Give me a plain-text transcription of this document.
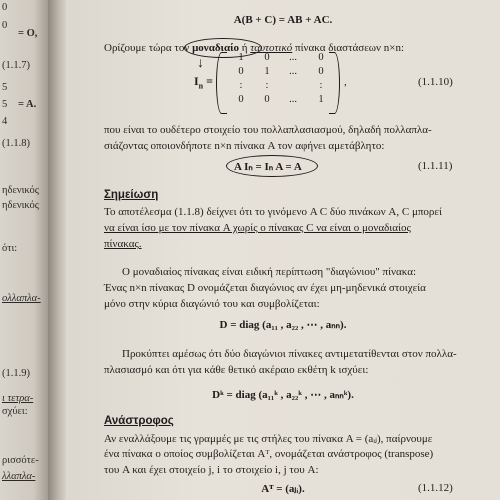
0
0
(1.1.7)
5
5
4
(1.1.8)
ηδενικός
ηδενικός
ότι:
ολλαπλα-
(1.1.9)
ι τετρα-
σχύει:
ρισσότε-
λλαπλα-
= O,
= A.
A(B + C) = AB + AC.
Ορίζουμε τώρα τον μοναδιαίο ή ταυτοτικό πίνακα διαστάσεων n×n:
↓
$I_n$ =
1	0	...	0
0	1	...	0
:	:	:
0	0	...	1
,	(1.1.10)
που είναι το ουδέτερο στοιχείο του πολλαπλασιασμού, δηλαδή πολλαπλα-
σιάζοντας οποιονδήποτε n×n πίνακα A τον αφήνει αμετάβλητο:
A Iₙ = Iₙ A = A	(1.1.11)
Σημείωση
Το αποτέλεσμα (1.1.8) δείχνει ότι το γινόμενο A C δύο πινάκων A, C μπορεί
να είναι ίσο με τον πίνακα A χωρίς ο πίνακας C να είναι ο μοναδιαίος
πίνακας.
Ο μοναδιαίος πίνακας είναι ειδική περίπτωση "διαγώνιου" πίνακα:
Ένας n×n πίνακας D ονομάζεται διαγώνιος αν έχει μη-μηδενικά στοιχεία
μόνο στην κύρια διαγώνιό του και συμβολίζεται:
D = diag (a₁₁ , a₂₂ , ⋯ , aₙₙ).
Προκύπτει αμέσως ότι δύο διαγώνιοι πίνακες αντιμετατίθενται στον πολλα-
πλασιασμό και ότι για κάθε θετικό ακέραιο εκθέτη k ισχύει:
Dᵏ = diag (a₁₁ᵏ , a₂₂ᵏ , ⋯ , aₙₙᵏ).
Ανάστροφος
Αν εναλλάξουμε τις γραμμές με τις στήλες του πίνακα A = (aᵢⱼ), παίρνουμε
ένα πίνακα ο οποίος συμβολίζεται Aᵀ, ονομάζεται ανάστροφος (transpose)
του A και έχει στοιχείο j, i το στοιχείο i, j του A:
Aᵀ = (aⱼᵢ).	(1.1.12)
